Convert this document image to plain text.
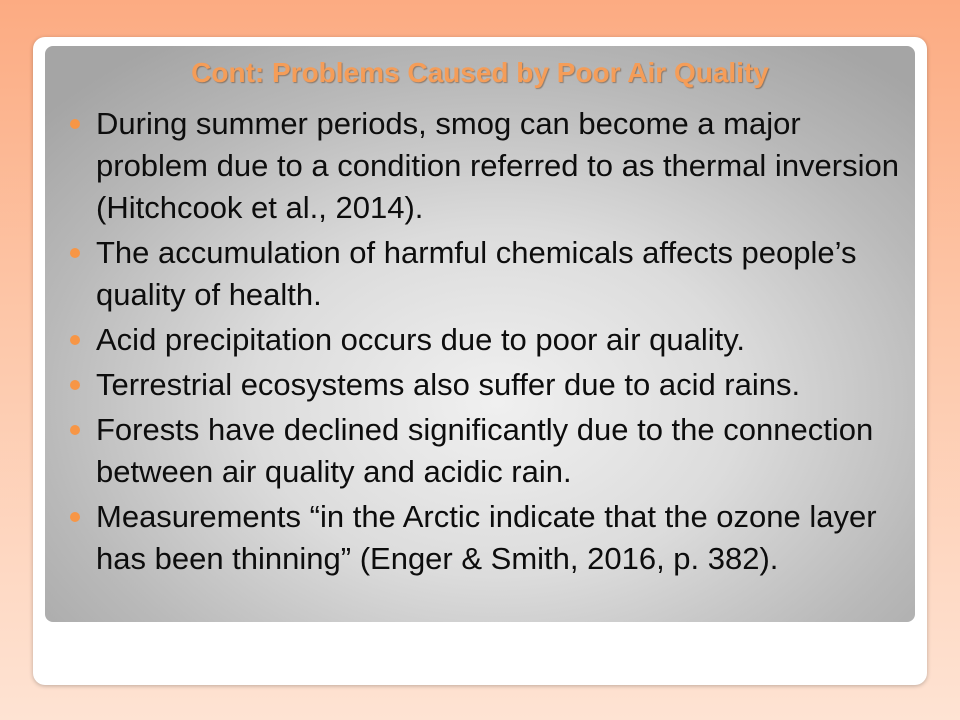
Cont: Problems Caused by Poor Air Quality
During summer periods, smog can become a major problem due to a condition referred to as thermal inversion (Hitchcook et al., 2014).
The accumulation of harmful chemicals affects people’s quality of health.
Acid precipitation occurs due to poor air quality.
Terrestrial ecosystems also suffer due to acid rains.
Forests have declined significantly due to the connection between air quality and acidic rain.
Measurements “in the Arctic indicate that the ozone layer has been thinning” (Enger & Smith, 2016, p. 382).
